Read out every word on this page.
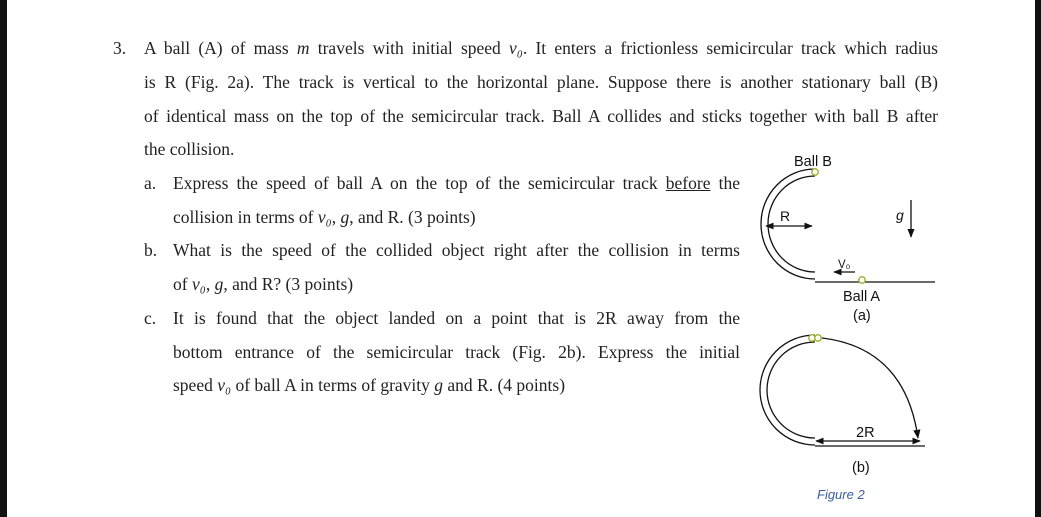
3. A ball (A) of mass m travels with initial speed v₀. It enters a frictionless semicircular track which radius
is R (Fig. 2a). The track is vertical to the horizontal plane. Suppose there is another stationary ball (B)
of identical mass on the top of the semicircular track. Ball A collides and sticks together with ball B after
the collision.
a. Express the speed of ball A on the top of the semicircular track before the
collision in terms of v₀, g, and R. (3 points)
b. What is the speed of the collided object right after the collision in terms
of v₀, g, and R? (3 points)
c. It is found that the object landed on a point that is 2R away from the
bottom entrance of the semicircular track (Fig. 2b). Express the initial
speed v₀ of ball A in terms of gravity g and R. (4 points)
Ball B
R	g
V₀
Ball A
(a)
2R
(b)
Figure 2
